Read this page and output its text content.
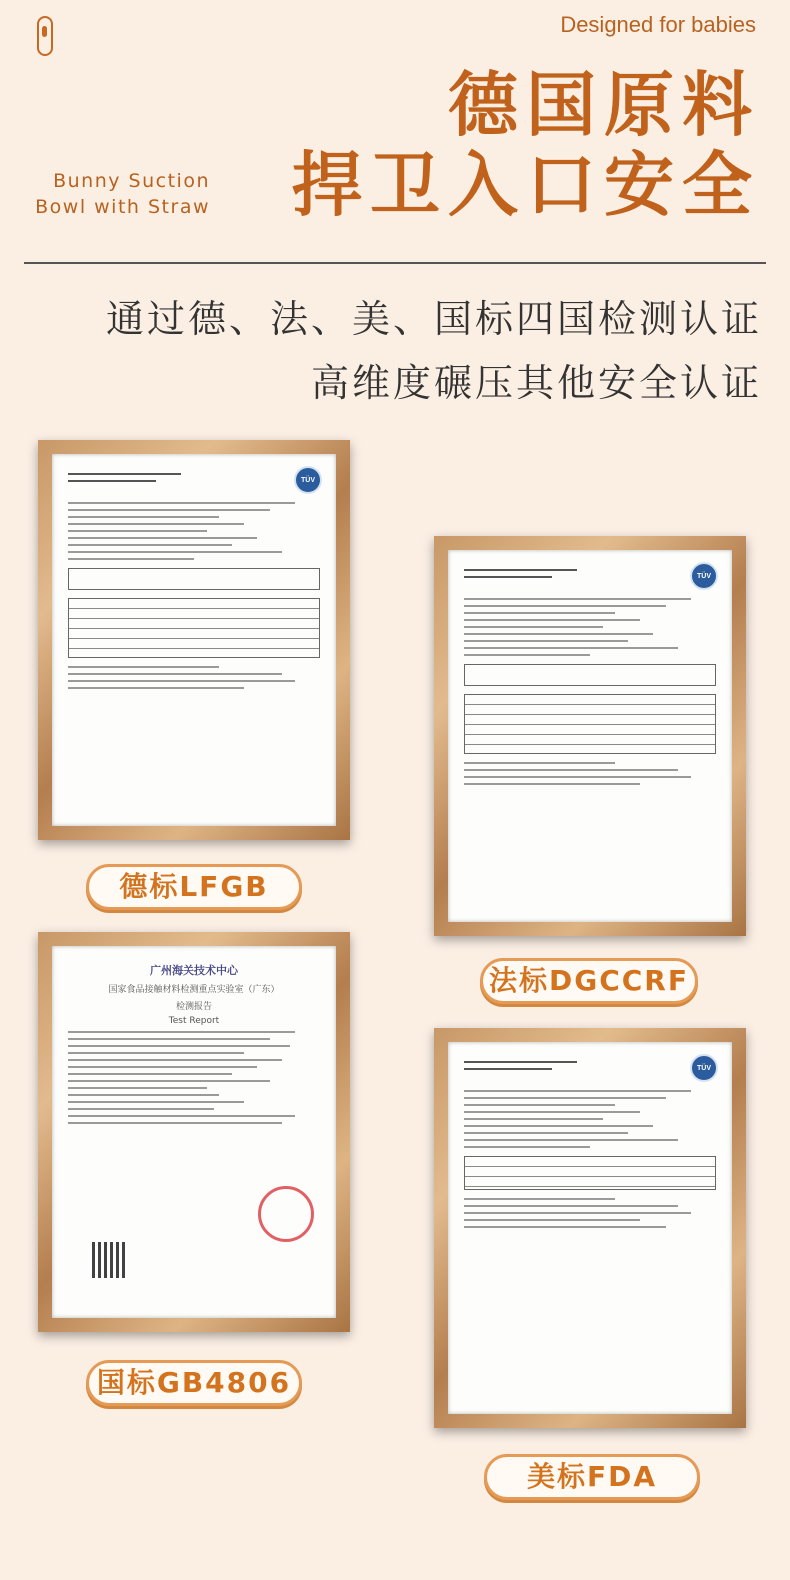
Designed for babies
德国原料
捍卫入口安全
Bunny Suction
Bowl with Straw
通过德、法、美、国标四国检测认证
高维度碾压其他安全认证
TÜV
德标LFGB
TÜV
法标DGCCRF
广州海关技术中心
国家食品接触材料检测重点实验室（广东）
检测报告
Test Report
国标GB4806
TÜV
美标FDA
